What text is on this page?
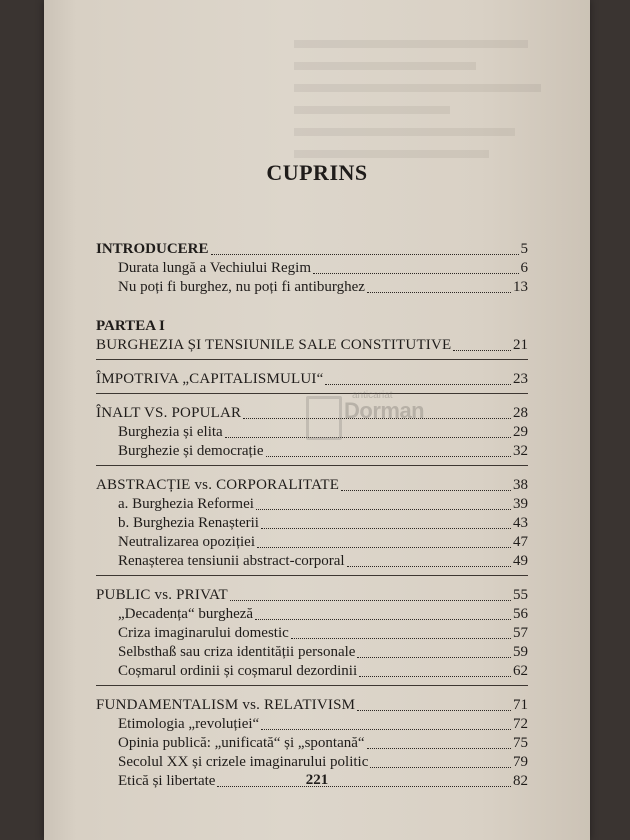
CUPRINS
INTRODUCERE	5
Durata lungă a Vechiului Regim	6
Nu poți fi burghez, nu poți fi antiburghez	13
PARTEA I
BURGHEZIA ȘI TENSIUNILE SALE CONSTITUTIVE	21
ÎMPOTRIVA „CAPITALISMULUI“	23
ÎNALT VS. POPULAR	28
Burghezia și elita	29
Burghezie și democrație	32
ABSTRACȚIE vs. CORPORALITATE	38
a. Burghezia Reformei	39
b. Burghezia Renașterii	43
Neutralizarea opoziției	47
Renașterea tensiunii abstract-corporal	49
PUBLIC vs. PRIVAT	55
„Decadența“ burgheză	56
Criza imaginarului domestic	57
Selbsthaß sau criza identității personale	59
Coșmarul ordinii și coșmarul dezordinii	62
FUNDAMENTALISM vs. RELATIVISM	71
Etimologia „revoluției“	72
Opinia publică: „unificată“ și „spontană“	75
Secolul XX și crizele imaginarului politic	79
Etică și libertate	82
anticariat
Dorman
221
